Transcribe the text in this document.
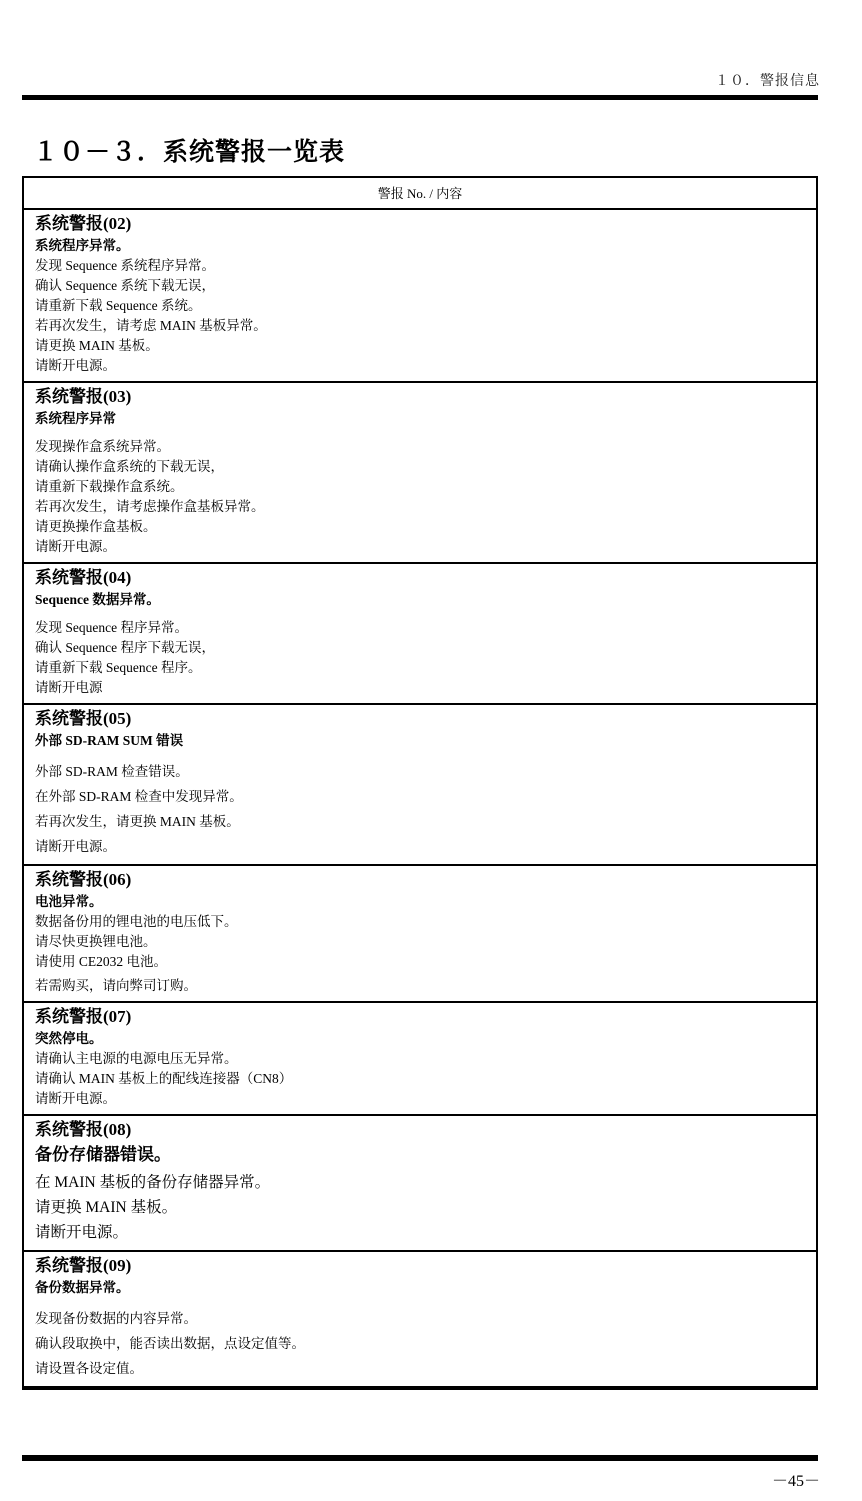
１０．警报信息
１０－３．系统警报一览表
警报 No. / 内容
系统警报(02)
系统程序异常。
发现 Sequence 系统程序异常。
确认 Sequence 系统下载无误，
请重新下载 Sequence 系统。
若再次发生，请考虑 MAIN 基板异常。
请更换 MAIN 基板。
请断开电源。
系统警报(03)
系统程序异常
发现操作盒系统异常。
请确认操作盒系统的下载无误，
请重新下载操作盒系统。
若再次发生，请考虑操作盒基板异常。
请更换操作盒基板。
请断开电源。
系统警报(04)
Sequence 数据异常。
发现 Sequence 程序异常。
确认 Sequence 程序下载无误，
请重新下载 Sequence 程序。
请断开电源
系统警报(05)
外部 SD-RAM SUM 错误
外部 SD-RAM 检查错误。
在外部 SD-RAM 检查中发现异常。
若再次发生，请更换 MAIN 基板。
请断开电源。
系统警报(06)
电池异常。
数据备份用的锂电池的电压低下。
请尽快更换锂电池。
请使用 CE2032 电池。
若需购买，请向弊司订购。
系统警报(07)
突然停电。
请确认主电源的电源电压无异常。
请确认 MAIN 基板上的配线连接器（CN8）
请断开电源。
系统警报(08)
备份存储器错误。
在 MAIN 基板的备份存储器异常。
请更换 MAIN 基板。
请断开电源。
系统警报(09)
备份数据异常。
发现备份数据的内容异常。
确认段取换中，能否读出数据，点设定值等。
请设置各设定值。
－45－
